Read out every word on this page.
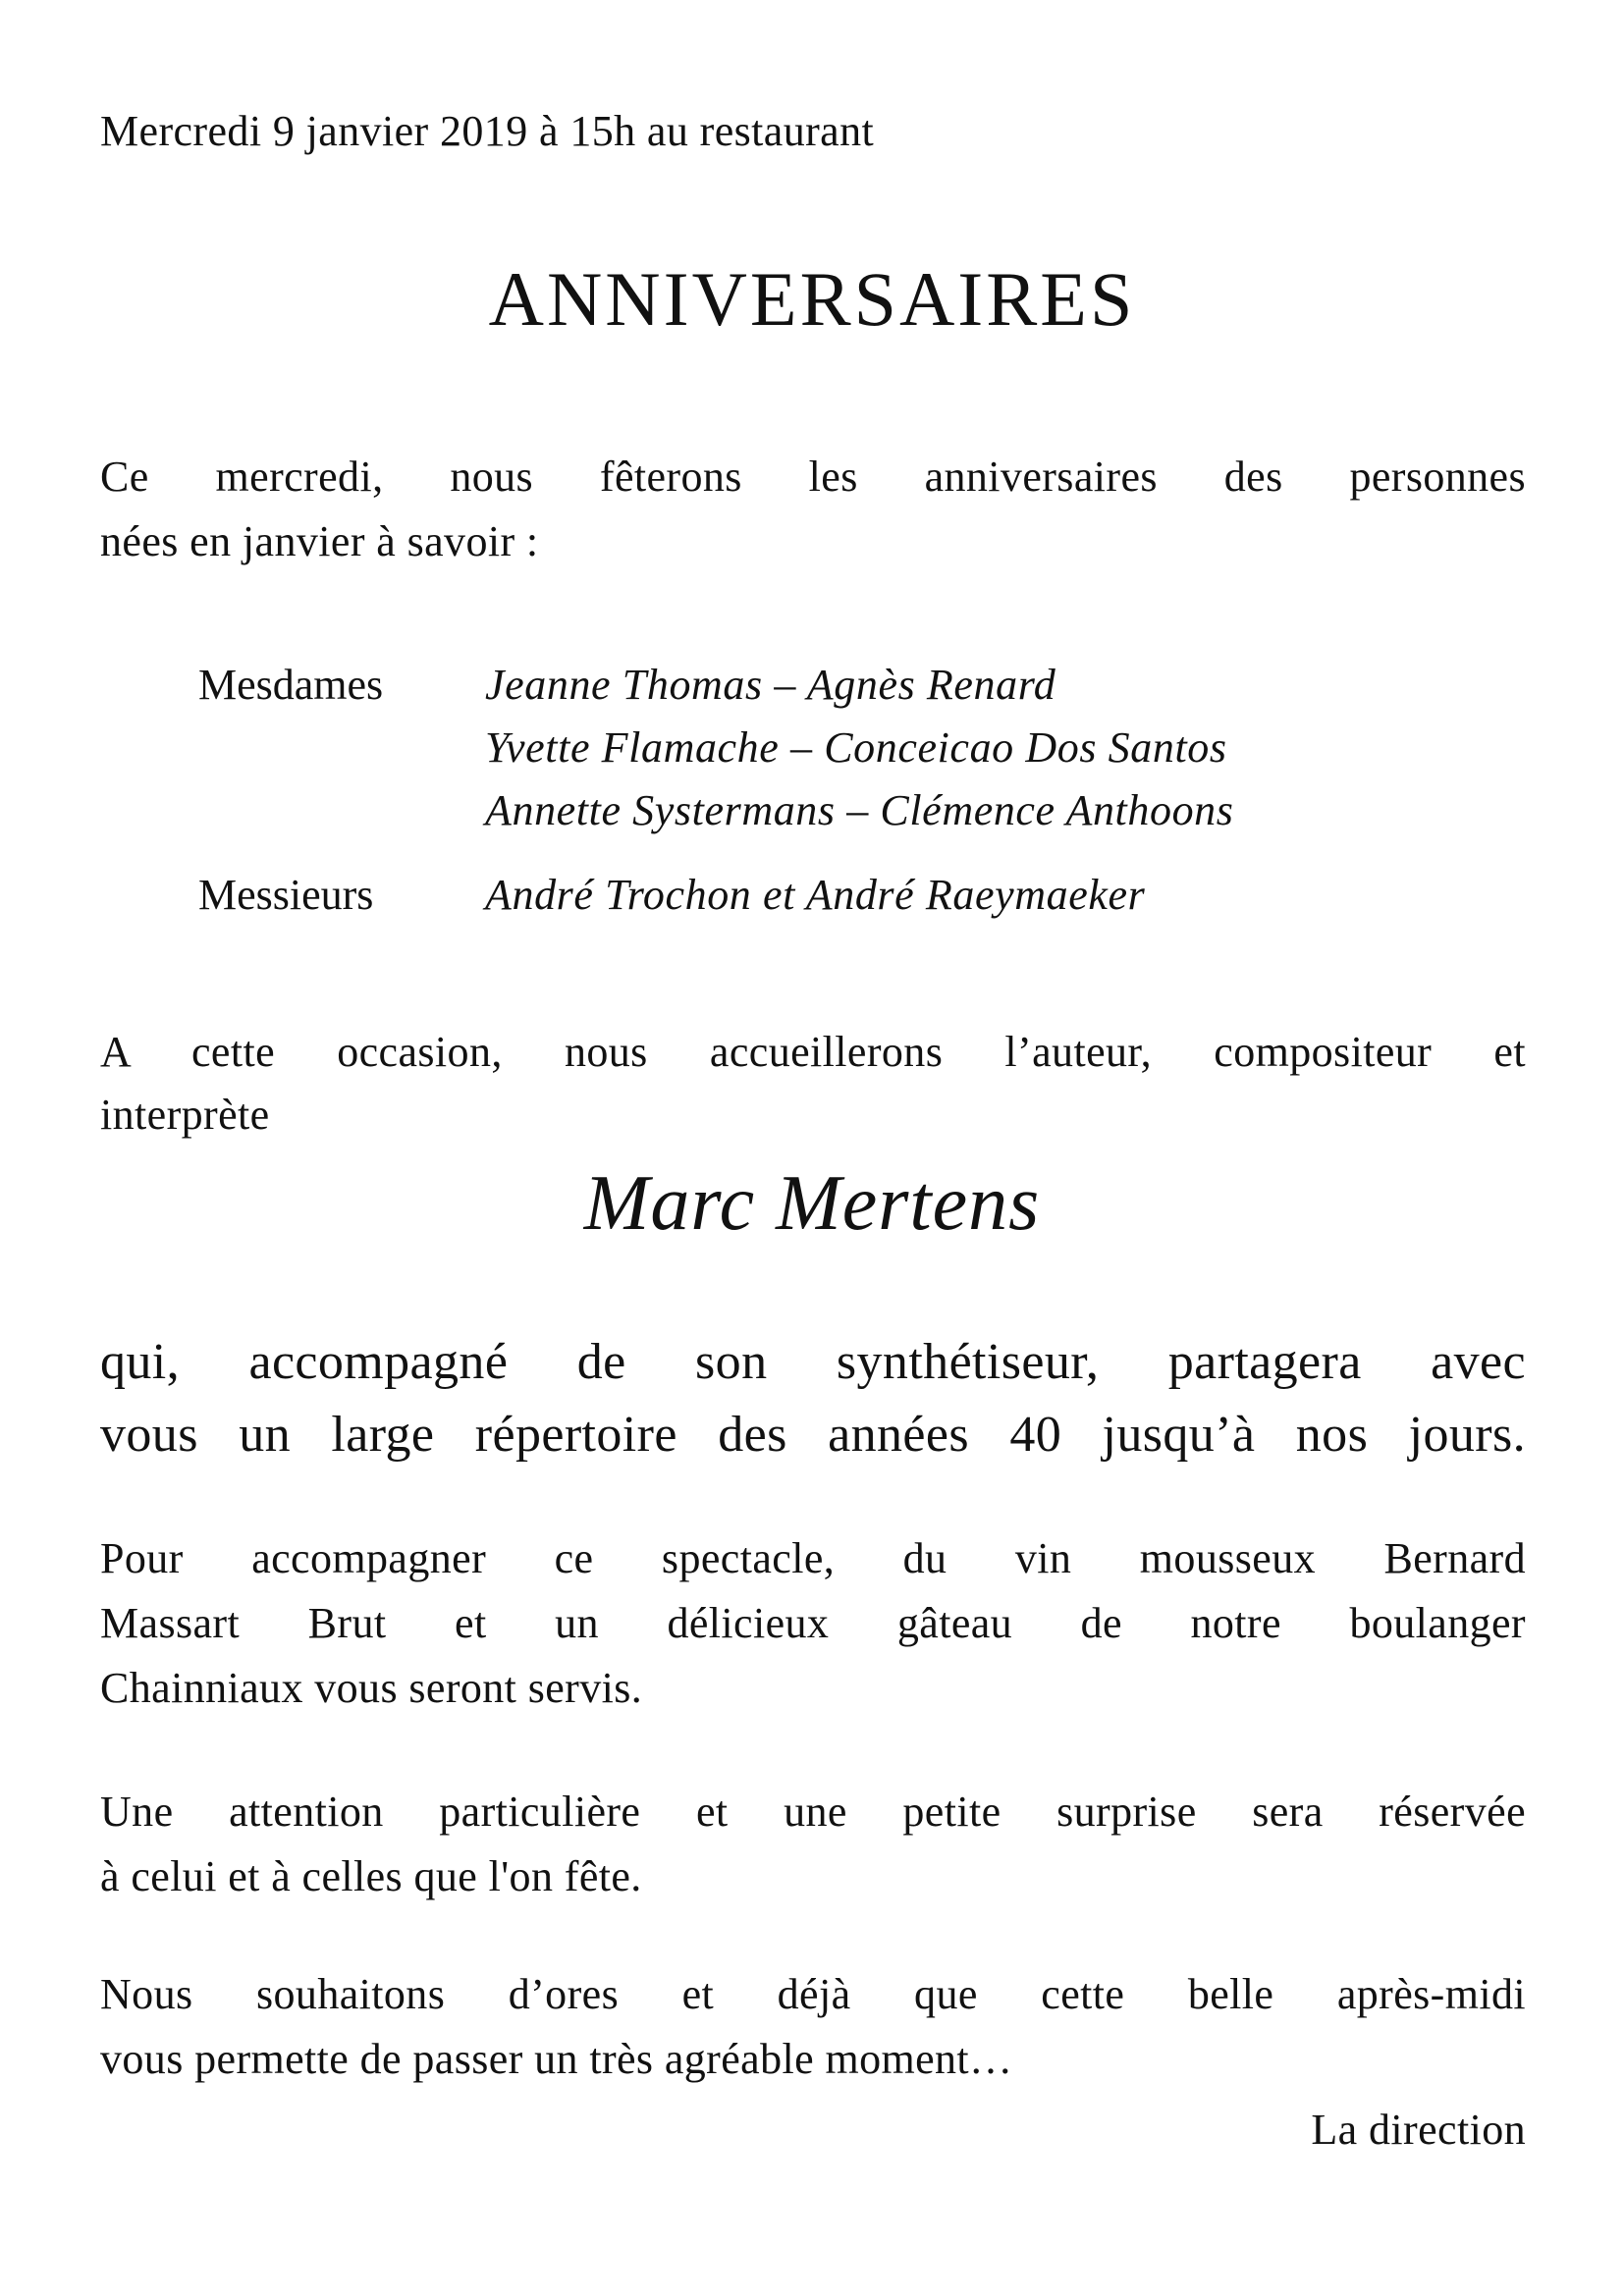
Mercredi 9 janvier 2019 à 15h au restaurant
ANNIVERSAIRES
Ce mercredi, nous fêterons les anniversaires des personnes
nées en janvier à savoir :
Mesdames Jeanne Thomas – Agnès Renard
Yvette Flamache – Conceicao Dos Santos
Annette Systermans – Clémence Anthoons
Messieurs	André Trochon et André Raeymaeker
A cette occasion, nous accueillerons l’auteur, compositeur et
interprète
Marc Mertens
qui, accompagné de son synthétiseur, partagera avec
vous un large répertoire des années 40 jusqu’à nos jours.
Pour accompagner ce spectacle, du vin mousseux Bernard
Massart Brut et un délicieux gâteau de notre boulanger
Chainniaux vous seront servis.
Une attention particulière et une petite surprise sera réservée
à celui et à celles que l'on fête.
Nous souhaitons d’ores et déjà que cette belle après-midi
vous permette de passer un très agréable moment…
La direction
